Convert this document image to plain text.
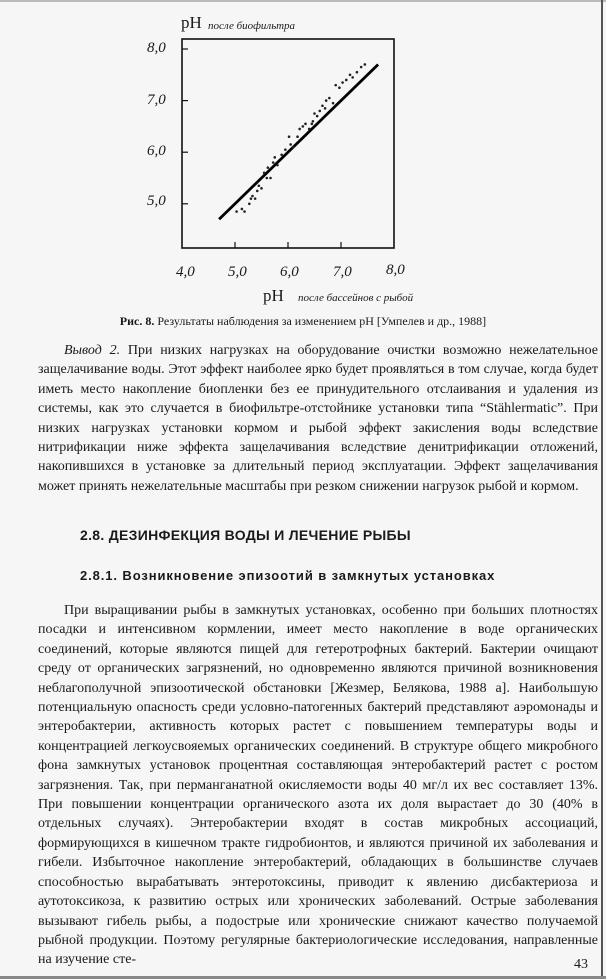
pH после биофильтра
8,0
7,0
6,0
5,0
4,0 5,0 6,0 7,0 8,0
pH после бассейнов с рыбой
Рис. 8. Результаты наблюдения за изменением pH [Умпелев и др., 1988]

Вывод 2. При низких нагрузках на оборудование очистки возможно нежелательное защелачивание воды. Этот эффект наиболее ярко будет проявляться в том случае, когда будет иметь место накопление биопленки без ее принудительного отслаивания и удаления из системы, как это случается в биофильтре-отстойнике установки типа “Stählermatic”. При низких нагрузках установки кормом и рыбой эффект закисления воды вследствие нитрификации ниже эффекта защелачивания вследствие денитрификации отложений, накопившихся в установке за длительный период эксплуатации. Эффект защелачивания может принять нежелательные масштабы при резком снижении нагрузок рыбой и кормом.

2.8. ДЕЗИНФЕКЦИЯ ВОДЫ И ЛЕЧЕНИЕ РЫБЫ
2.8.1. Возникновение эпизоотий в замкнутых установках

При выращивании рыбы в замкнутых установках, особенно при больших плотностях посадки и интенсивном кормлении, имеет место накопление в воде органических соединений, которые являются пищей для гетеротрофных бактерий. Бактерии очищают среду от органических загрязнений, но одновременно являются причиной возникновения неблагополучной эпизоотической обстановки [Жезмер, Белякова, 1988 а]. Наибольшую потенциальную опасность среди условно-патогенных бактерий представляют аэромонады и энтеробактерии, активность которых растет с повышением температуры воды и концентрацией легкоусвояемых органических соединений. В структуре общего микробного фона замкнутых установок процентная составляющая энтеробактерий растет с ростом загрязнения. Так, при перманганатной окисляемости воды 40 мг/л их вес составляет 13%. При повышении концентрации органического азота их доля вырастает до 30 (40% в отдельных случаях). Энтеробактерии входят в состав микробных ассоциаций, формирующихся в кишечном тракте гидробионтов, и являются причиной их заболевания и гибели. Избыточное накопление энтеробактерий, обладающих в большинстве случаев способностью вырабатывать энтеротоксины, приводит к явлению дисбактериоза и аутотоксикоза, к развитию острых или хронических заболеваний. Острые заболевания вызывают гибель рыбы, а подострые или хронические снижают качество получаемой рыбной продукции. Поэтому регулярные бактериологические исследования, направленные на изучение сте-	43
